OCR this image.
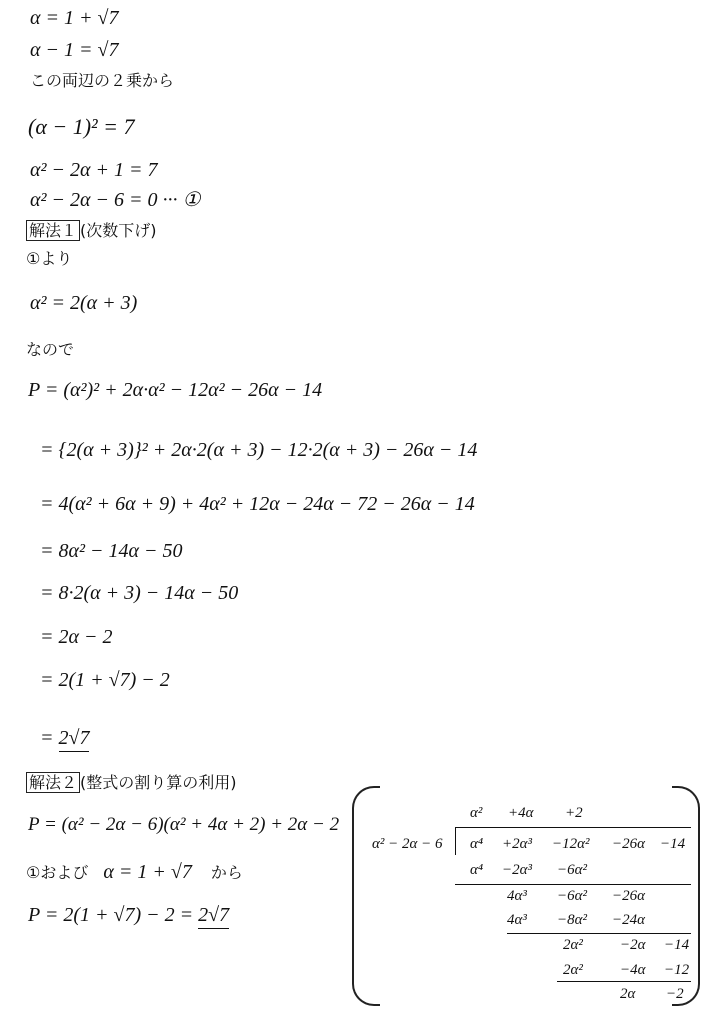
α = 1 + √7
α − 1 = √7
この両辺の２乗から
(α − 1)² = 7
α² − 2α + 1 = 7
α² − 2α − 6 = 0 ··· ①
解法１ (次数下げ)
①より
α² = 2(α + 3)
なので
P = (α²)² + 2α·α² − 12α² − 26α − 14
= {2(α + 3)}² + 2α·2(α + 3) − 12·2(α + 3) − 26α − 14
= 4(α² + 6α + 9) + 4α² + 12α − 24α − 72 − 26α − 14
= 8α² − 14α − 50
= 8·2(α + 3) − 14α − 50
= 2α − 2
= 2(1 + √7) − 2
= 2√7
解法２ (整式の割り算の利用)
P = (α² − 2α − 6)(α² + 4α + 2) + 2α − 2
①および α = 1 + √7 から
P = 2(1 + √7) − 2 = 2√7
α² +4α +2
α² − 2α − 6 α⁴ +2α³ −12α² −26α −14
α⁴ −2α³ −6α²
4α³ −6α² −26α
4α³ −8α² −24α
2α² −2α −14
2α² −4α −12
2α −2
